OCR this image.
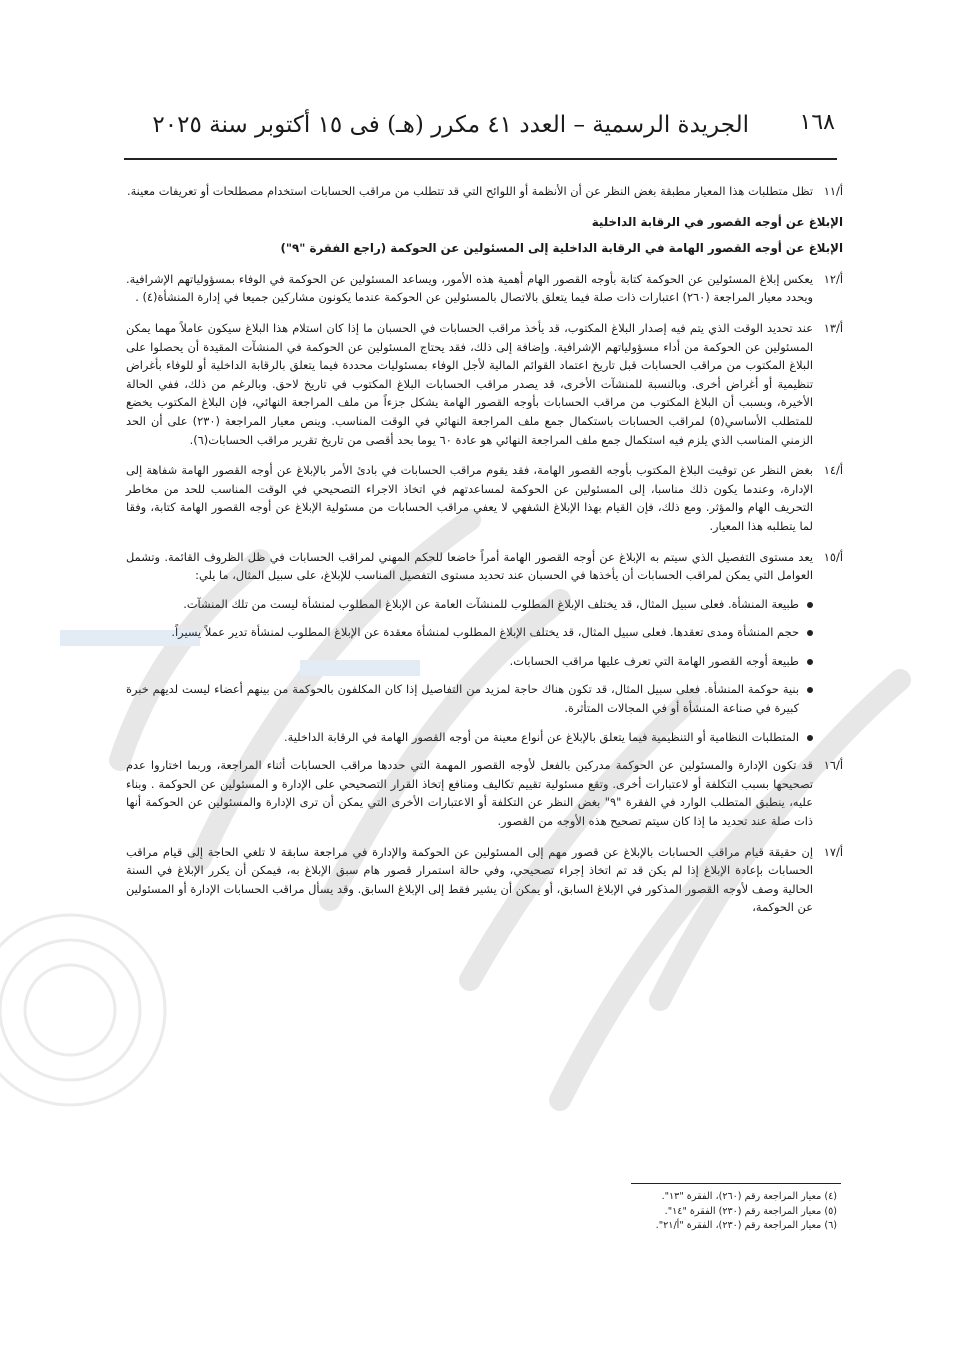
١٦٨
الجريدة الرسمية – العدد ٤١ مكرر (هـ) فى ١٥ أكتوبر سنة ٢٠٢٥
أ/١١
تظل متطلبات هذا المعيار مطبقة بغض النظر عن أن الأنظمة أو اللوائح التي قد تتطلب من مراقب الحسابات استخدام مصطلحات أو تعريفات معينة.
الإبلاغ عن أوجه القصور في الرقابة الداخلية
الإبلاغ عن أوجه القصور الهامة في الرقابة الداخلية إلى المسئولين عن الحوكمة (راجع الفقرة "٩")
أ/١٢
يعكس إبلاغ المسئولين عن الحوكمة كتابة بأوجه القصور الهام أهمية هذه الأمور، ويساعد المسئولين عن الحوكمة في الوفاء بمسؤولياتهم الإشرافية. ويحدد معيار المراجعة (٢٦٠) اعتبارات ذات صلة فيما يتعلق بالاتصال بالمسئولين عن الحوكمة عندما يكونون مشاركين جميعا في إدارة المنشأة(٤) .
أ/١٣
عند تحديد الوقت الذي يتم فيه إصدار البلاغ المكتوب، قد يأخذ مراقب الحسابات في الحسبان ما إذا كان استلام هذا البلاغ سيكون عاملاً مهما يمكن المسئولين عن الحوكمة من أداء مسؤولياتهم الإشرافية. وإضافة إلى ذلك، فقد يحتاج المسئولين عن الحوكمة في المنشآت المقيدة أن يحصلوا على البلاغ المكتوب من مراقب الحسابات قبل تاريخ اعتماد القوائم المالية لأجل الوفاء بمسئوليات محددة فيما يتعلق بالرقابة الداخلية أو للوفاء بأغراض تنظيمية أو أغراض أخرى. وبالنسبة للمنشآت الأخرى، قد يصدر مراقب الحسابات البلاغ المكتوب في تاريخ لاحق. وبالرغم من ذلك، ففي الحالة الأخيرة، وبسبب أن البلاغ المكتوب من مراقب الحسابات بأوجه القصور الهامة يشكل جزءاً من ملف المراجعة النهائي، فإن البلاغ المكتوب يخضع للمتطلب الأساسي(٥) لمراقب الحسابات باستكمال جمع ملف المراجعة النهائي في الوقت المناسب. وينص معيار المراجعة (٢٣٠) على أن الحد الزمني المناسب الذي يلزم فيه استكمال جمع ملف المراجعة النهائي هو عادة ٦٠ يوما بحد أقصى من تاريخ تقرير مراقب الحسابات(٦).
أ/١٤
بغض النظر عن توقيت البلاغ المكتوب بأوجه القصور الهامة، فقد يقوم مراقب الحسابات في بادئ الأمر بالإبلاغ عن أوجه القصور الهامة شفاهة إلى الإدارة، وعندما يكون ذلك مناسبا، إلى المسئولين عن الحوكمة لمساعدتهم في اتخاذ الاجراء التصحيحي في الوقت المناسب للحد من مخاطر التحريف الهام والمؤثر. ومع ذلك، فإن القيام بهذا الإبلاغ الشفهي لا يعفي مراقب الحسابات من مسئولية الإبلاغ عن أوجه القصور الهامة كتابة، وفقا لما يتطلبه هذا المعيار.
أ/١٥
يعد مستوى التفصيل الذي سيتم به الإبلاغ عن أوجه القصور الهامة أمراً خاضعا للحكم المهني لمراقب الحسابات في ظل الظروف القائمة. وتشمل العوامل التي يمكن لمراقب الحسابات أن يأخذها في الحسبان عند تحديد مستوى التفصيل المناسب للإبلاغ، على سبيل المثال، ما يلي:
طبيعة المنشأة. فعلى سبيل المثال، قد يختلف الإبلاغ المطلوب للمنشآت العامة عن الإبلاغ المطلوب لمنشأة ليست من تلك المنشآت.
حجم المنشأة ومدى تعقدها. فعلى سبيل المثال، قد يختلف الإبلاغ المطلوب لمنشأة معقدة عن الإبلاغ المطلوب لمنشأة تدير عملاً يسيراً.
طبيعة أوجه القصور الهامة التي تعرف عليها مراقب الحسابات.
بنية حوكمة المنشأة. فعلى سبيل المثال، قد تكون هناك حاجة لمزيد من التفاصيل إذا كان المكلفون بالحوكمة من بينهم أعضاء ليست لديهم خبرة كبيرة في صناعة المنشأة أو في المجالات المتأثرة.
المتطلبات النظامية أو التنظيمية فيما يتعلق بالإبلاغ عن أنواع معينة من أوجه القصور الهامة في الرقابة الداخلية.
أ/١٦
قد تكون الإدارة والمسئولين عن الحوكمة مدركين بالفعل لأوجه القصور المهمة التي حددها مراقب الحسابات أثناء المراجعة، وربما اختاروا عدم تصحيحها بسبب التكلفة أو لاعتبارات أخرى. وتقع مسئولية تقييم تكاليف ومنافع إتخاذ القرار التصحيحي على الإدارة و المسئولين عن الحوكمة . وبناء عليه، ينطبق المتطلب الوارد في الفقرة "٩" بغض النظر عن التكلفة أو الاعتبارات الأخرى التي يمكن أن ترى الإدارة والمسئولين عن الحوكمة أنها ذات صلة عند تحديد ما إذا كان سيتم تصحيح هذه الأوجه من القصور.
أ/١٧
إن حقيقة قيام مراقب الحسابات بالإبلاغ عن قصور مهم إلى المسئولين عن الحوكمة والإدارة في مراجعة سابقة لا تلغي الحاجة إلى قيام مراقب الحسابات بإعادة الإبلاغ إذا لم يكن قد تم اتخاذ إجراء تصحيحي، وفي حالة استمرار قصور هام سبق الإبلاغ به، فيمكن أن يكرر الإبلاغ في السنة الحالية وصف لأوجه القصور المذكور في الإبلاغ السابق، أو يمكن أن يشير فقط إلى الإبلاغ السابق. وقد يسأل مراقب الحسابات الإدارة أو المسئولين عن الحوكمة،
(٤) معيار المراجعة رقم (٢٦٠)، الفقرة "١٣".
(٥) معيار المراجعة رقم (٢٣٠) الفقرة "١٤".
(٦) معيار المراجعة رقم (٢٣٠)، الفقرة "أ/٢١".
